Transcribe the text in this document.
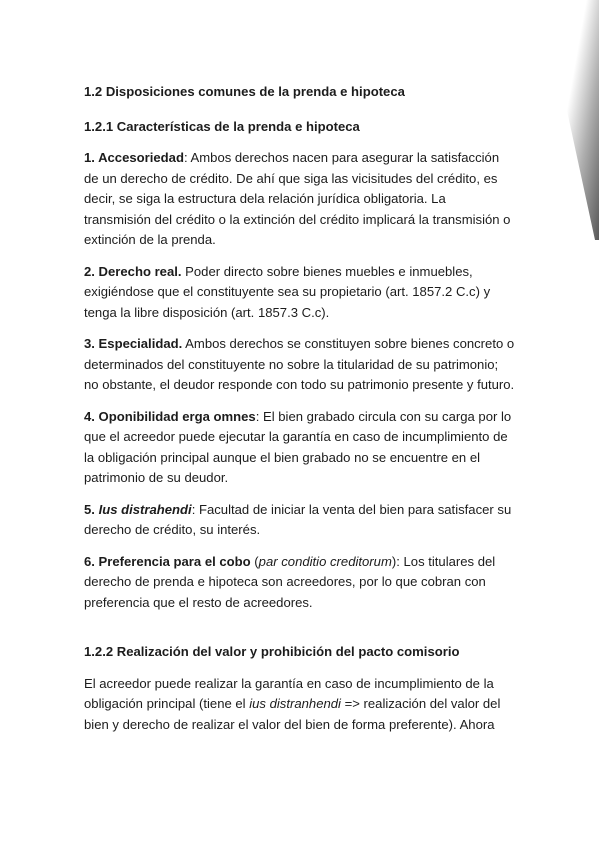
1.2 Disposiciones comunes de la prenda e hipoteca
1.2.1 Características de la prenda e hipoteca

1. Accesoriedad: Ambos derechos nacen para asegurar la satisfacción de un derecho de crédito. De ahí que siga las vicisitudes del crédito, es decir, se siga la estructura dela relación jurídica obligatoria. La transmisión del crédito o la extinción del crédito implicará la transmisión o extinción de la prenda.

2. Derecho real. Poder directo sobre bienes muebles e inmuebles, exigiéndose que el constituyente sea su propietario (art. 1857.2 C.c) y tenga la libre disposición (art. 1857.3 C.c).

3. Especialidad. Ambos derechos se constituyen sobre bienes concreto o determinados del constituyente no sobre la titularidad de su patrimonio; no obstante, el deudor responde con todo su patrimonio presente y futuro.

4. Oponibilidad erga omnes: El bien grabado circula con su carga por lo que el acreedor puede ejecutar la garantía en caso de incumplimiento de la obligación principal aunque el bien grabado no se encuentre en el patrimonio de su deudor.

5. Ius distrahendi: Facultad de iniciar la venta del bien para satisfacer su derecho de crédito, su interés.

6. Preferencia para el cobo (par conditio creditorum): Los titulares del derecho de prenda e hipoteca son acreedores, por lo que cobran con preferencia que el resto de acreedores.

1.2.2 Realización del valor y prohibición del pacto comisorio

El acreedor puede realizar la garantía en caso de incumplimiento de la obligación principal (tiene el ius distranhendi => realización del valor del bien y derecho de realizar el valor del bien de forma preferente). Ahora
